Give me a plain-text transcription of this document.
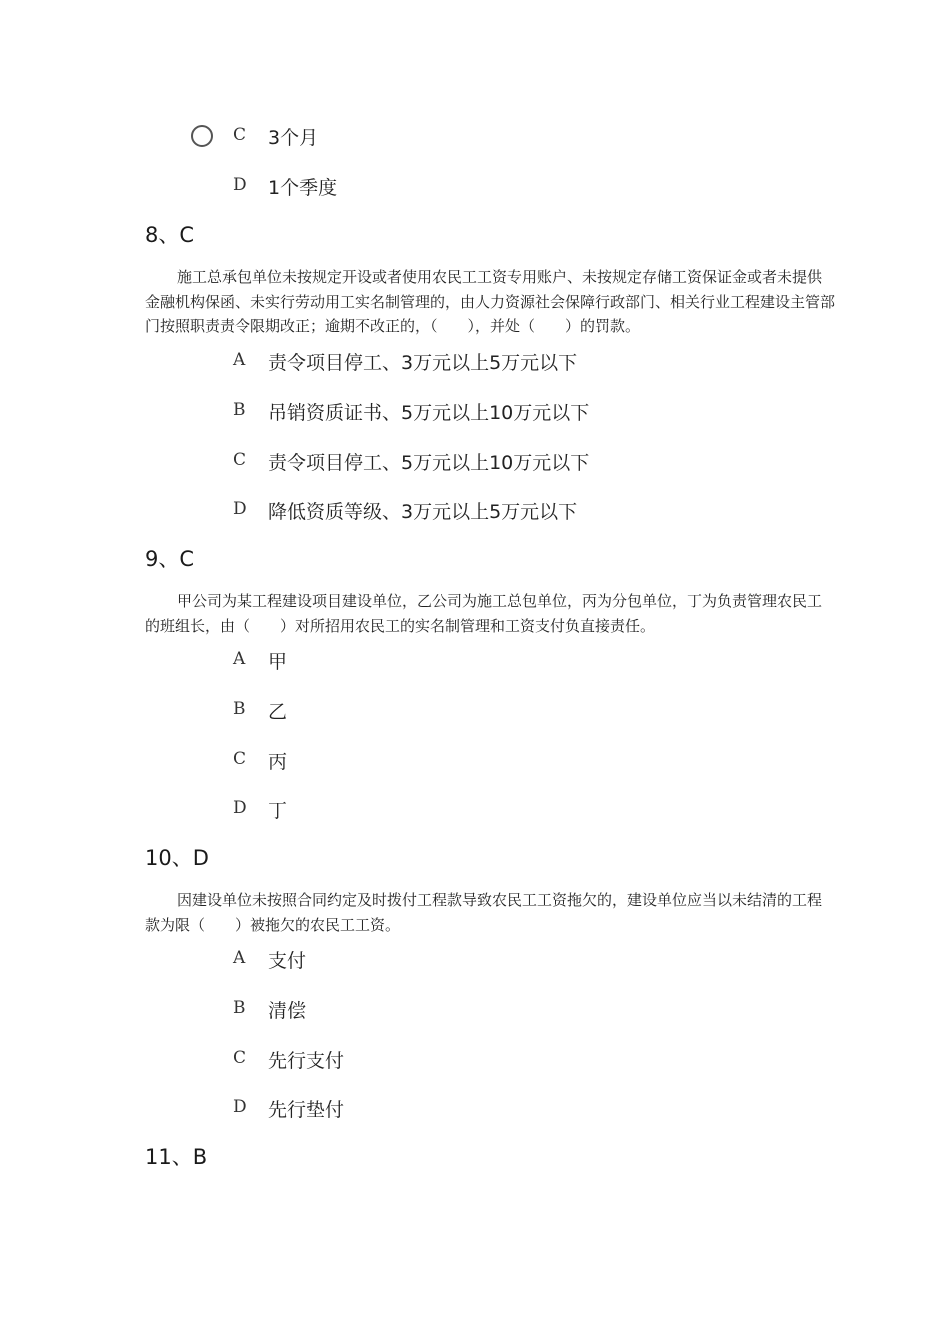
C 3个月
D 1个季度
8、C
施工总承包单位未按规定开设或者使用农民工工资专用账户、未按规定存储工资保证金或者未提供金融机构保函、未实行劳动用工实名制管理的，由人力资源社会保障行政部门、相关行业工程建设主管部门按照职责责令限期改正；逾期不改正的，（　　），并处（　　）的罚款。
A 责令项目停工、3万元以上5万元以下
B 吊销资质证书、5万元以上10万元以下
C 责令项目停工、5万元以上10万元以下
D 降低资质等级、3万元以上5万元以下
9、C
甲公司为某工程建设项目建设单位，乙公司为施工总包单位，丙为分包单位，丁为负责管理农民工的班组长，由（　　）对所招用农民工的实名制管理和工资支付负直接责任。
A 甲
B 乙
C 丙
D 丁
10、D
因建设单位未按照合同约定及时拨付工程款导致农民工工资拖欠的，建设单位应当以未结清的工程款为限（　　）被拖欠的农民工工资。
A 支付
B 清偿
C 先行支付
D 先行垫付
11、B
